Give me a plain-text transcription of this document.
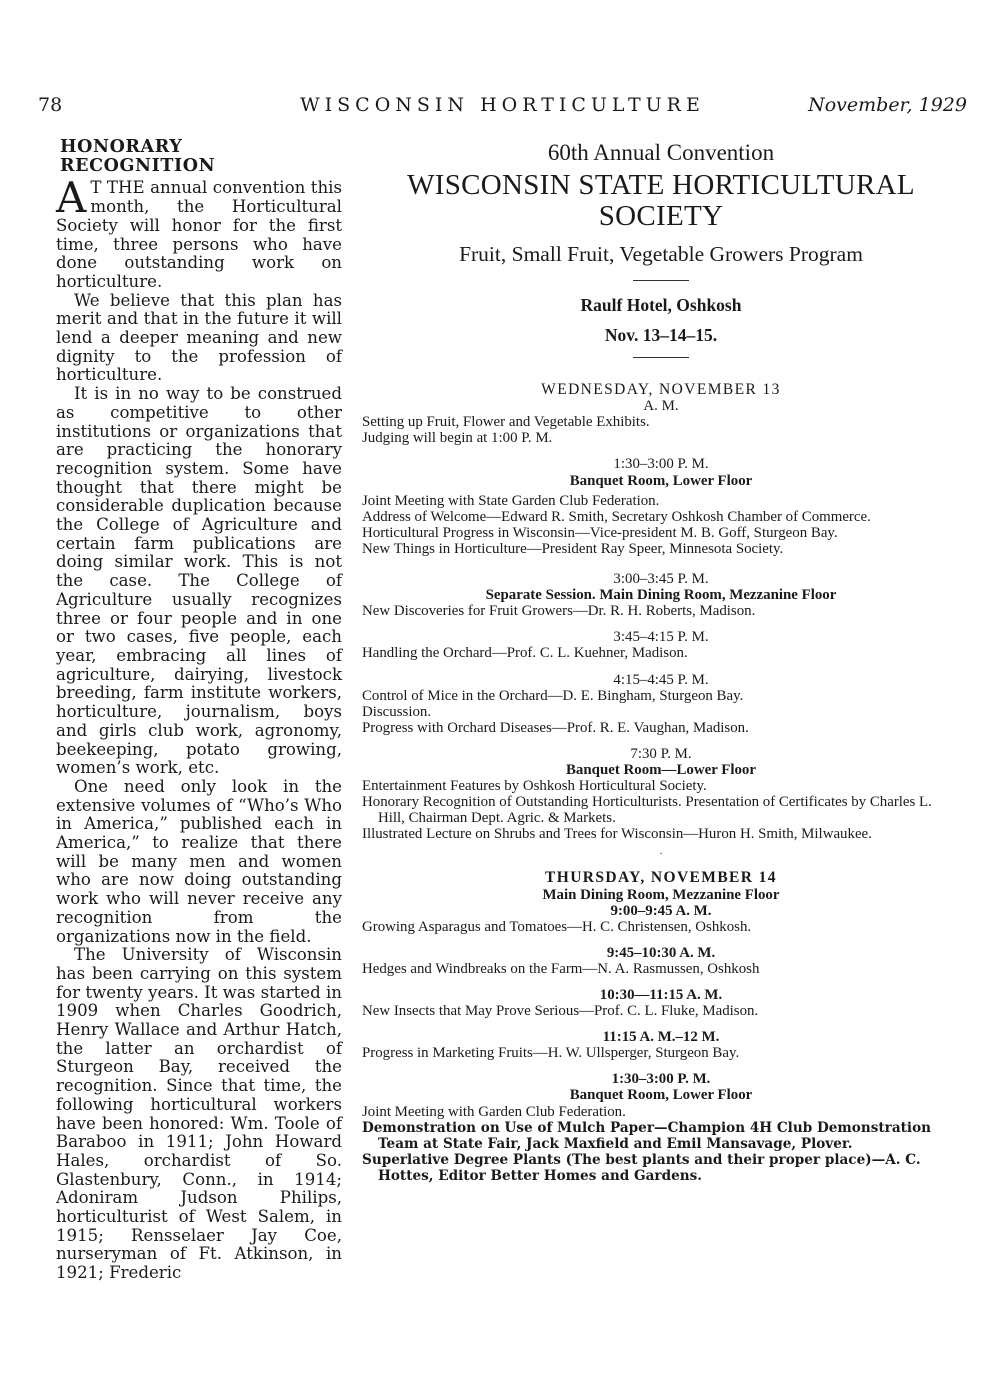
78	WISCONSIN HORTICULTURE	November, 1929
HONORARY RECOGNITION

A T THE annual convention this month, the Horticultural Society will honor for the first time, three persons who have done outstanding work on horticulture.

We believe that this plan has merit and that in the future it will lend a deeper meaning and new dignity to the profession of horticulture.

It is in no way to be construed as competitive to other institutions or organizations that are practicing the honorary recognition system. Some have thought that there might be considerable duplication because the College of Agriculture and certain farm publications are doing similar work. This is not the case. The College of Agriculture usually recognizes three or four people and in one or two cases, five people, each year, embracing all lines of agriculture, dairying, livestock breeding, farm institute workers, horticulture, journalism, boys and girls club work, agronomy, beekeeping, potato growing, women’s work, etc.

One need only look in the extensive volumes of “Who’s Who in America,” published each in America,” to realize that there will be many men and women who are now doing outstanding work who will never receive any recognition from the organizations now in the field.

The University of Wisconsin has been carrying on this system for twenty years. It was started in 1909 when Charles Goodrich, Henry Wallace and Arthur Hatch, the latter an orchardist of Sturgeon Bay, received the recognition. Since that time, the following horticultural workers have been honored: Wm. Toole of Baraboo in 1911; John Howard Hales, orchardist of So. Glastenbury, Conn., in 1914; Adoniram Judson Philips, horticulturist of West Salem, in 1915; Rensselaer Jay Coe, nurseryman of Ft. Atkinson, in 1921; Frederic

60th Annual Convention
WISCONSIN STATE HORTICULTURAL
SOCIETY
Fruit, Small Fruit, Vegetable Growers Program
Raulf Hotel, Oshkosh
Nov. 13–14–15.
WEDNESDAY, NOVEMBER 13
A. M.
Setting up Fruit, Flower and Vegetable Exhibits.
Judging will begin at 1:00 P. M.
1:30–3:00 P. M.
Banquet Room, Lower Floor
Joint Meeting with State Garden Club Federation.
Address of Welcome—Edward R. Smith, Secretary Oshkosh Chamber of Commerce.
Horticultural Progress in Wisconsin—Vice-president M. B. Goff, Sturgeon Bay.
New Things in Horticulture—President Ray Speer, Minnesota Society.
3:00–3:45 P. M.
Separate Session. Main Dining Room, Mezzanine Floor
New Discoveries for Fruit Growers—Dr. R. H. Roberts, Madison.
3:45–4:15 P. M.
Handling the Orchard—Prof. C. L. Kuehner, Madison.
4:15–4:45 P. M.
Control of Mice in the Orchard—D. E. Bingham, Sturgeon Bay.
Discussion.
Progress with Orchard Diseases—Prof. R. E. Vaughan, Madison.
7:30 P. M.
Banquet Room—Lower Floor
Entertainment Features by Oshkosh Horticultural Society.
Honorary Recognition of Outstanding Horticulturists. Presentation of Certificates by Charles L. Hill, Chairman Dept. Agric. & Markets.
Illustrated Lecture on Shrubs and Trees for Wisconsin—Huron H. Smith, Milwaukee.
·
THURSDAY, NOVEMBER 14
Main Dining Room, Mezzanine Floor
9:00–9:45 A. M.
Growing Asparagus and Tomatoes—H. C. Christensen, Oshkosh.
9:45–10:30 A. M.
Hedges and Windbreaks on the Farm—N. A. Rasmussen, Oshkosh
10:30—11:15 A. M.
New Insects that May Prove Serious—Prof. C. L. Fluke, Madison.
11:15 A. M.–12 M.
Progress in Marketing Fruits—H. W. Ullsperger, Sturgeon Bay.
1:30–3:00 P. M.
Banquet Room, Lower Floor
Joint Meeting with Garden Club Federation.
Demonstration on Use of Mulch Paper—Champion 4H Club Demonstration Team at State Fair, Jack Maxfield and Emil Mansavage, Plover.
Superlative Degree Plants (The best plants and their proper place)—A. C. Hottes, Editor Better Homes and Gardens.
